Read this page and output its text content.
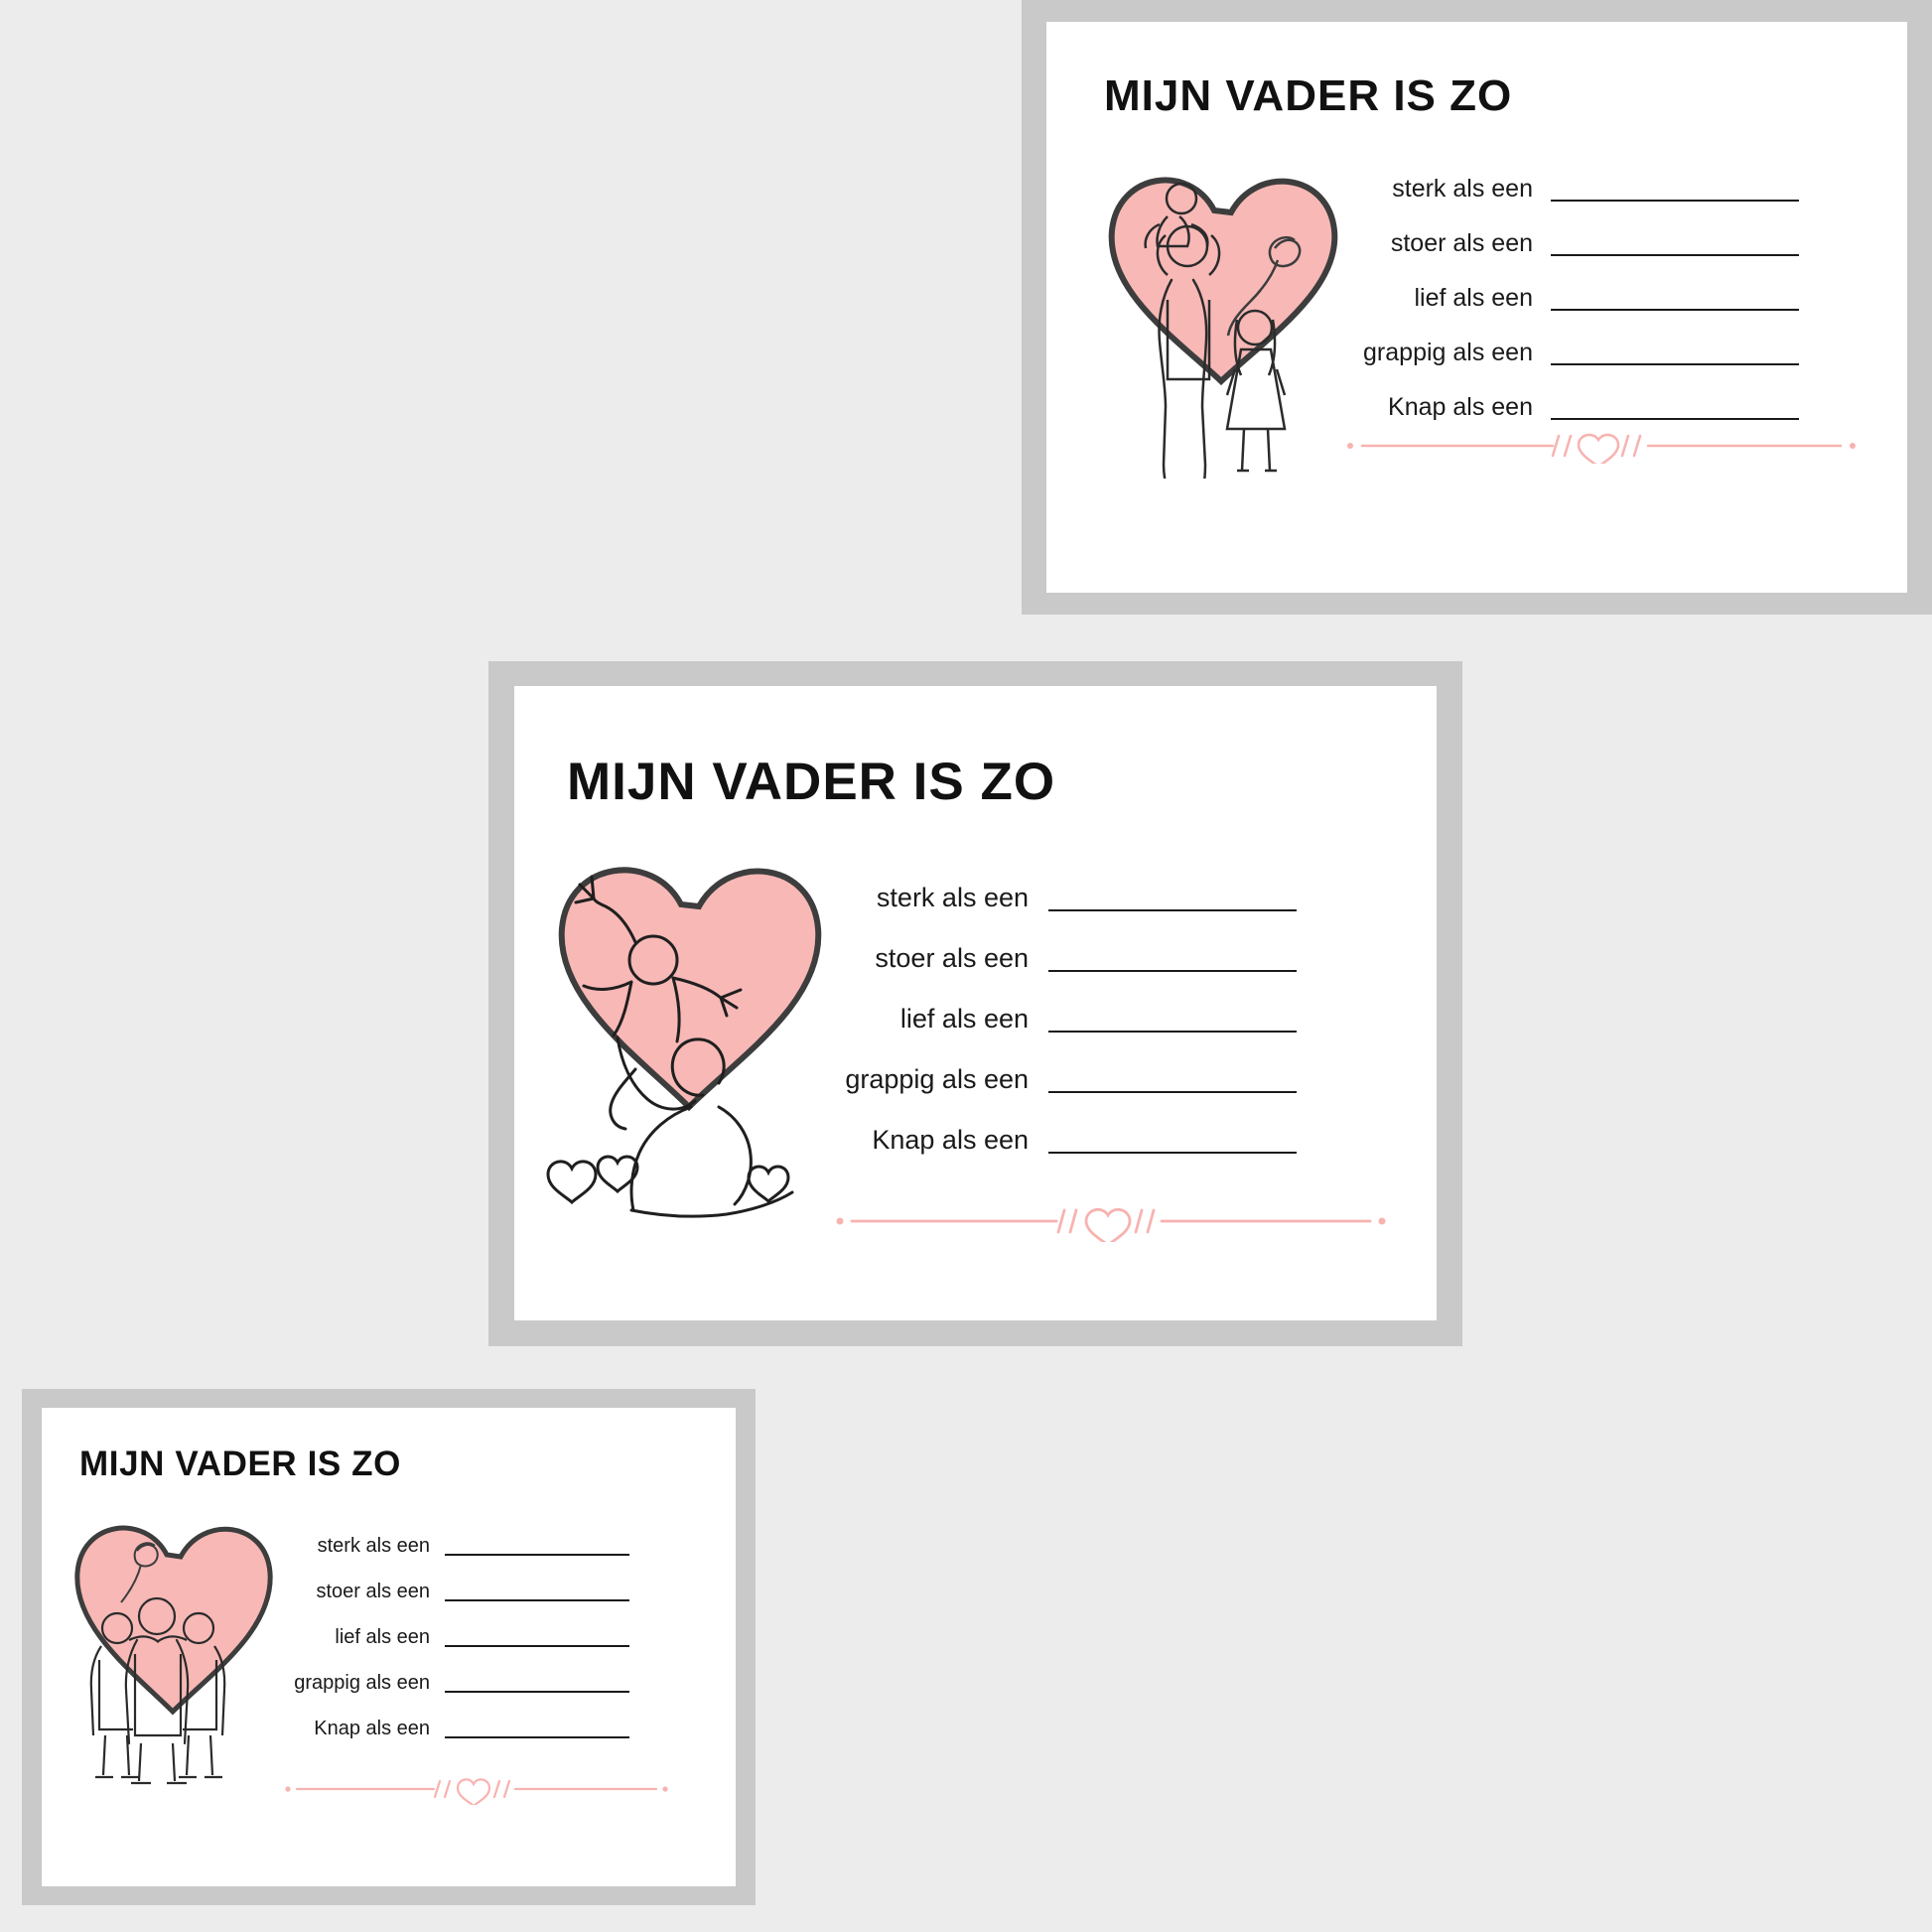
MIJN VADER IS ZO
sterk als een
stoer als een
lief als een
grappig als een
Knap als een
MIJN VADER IS ZO
sterk als een
stoer als een
lief als een
grappig als een
Knap als een
MIJN VADER IS ZO
sterk als een
stoer als een
lief als een
grappig als een
Knap als een
